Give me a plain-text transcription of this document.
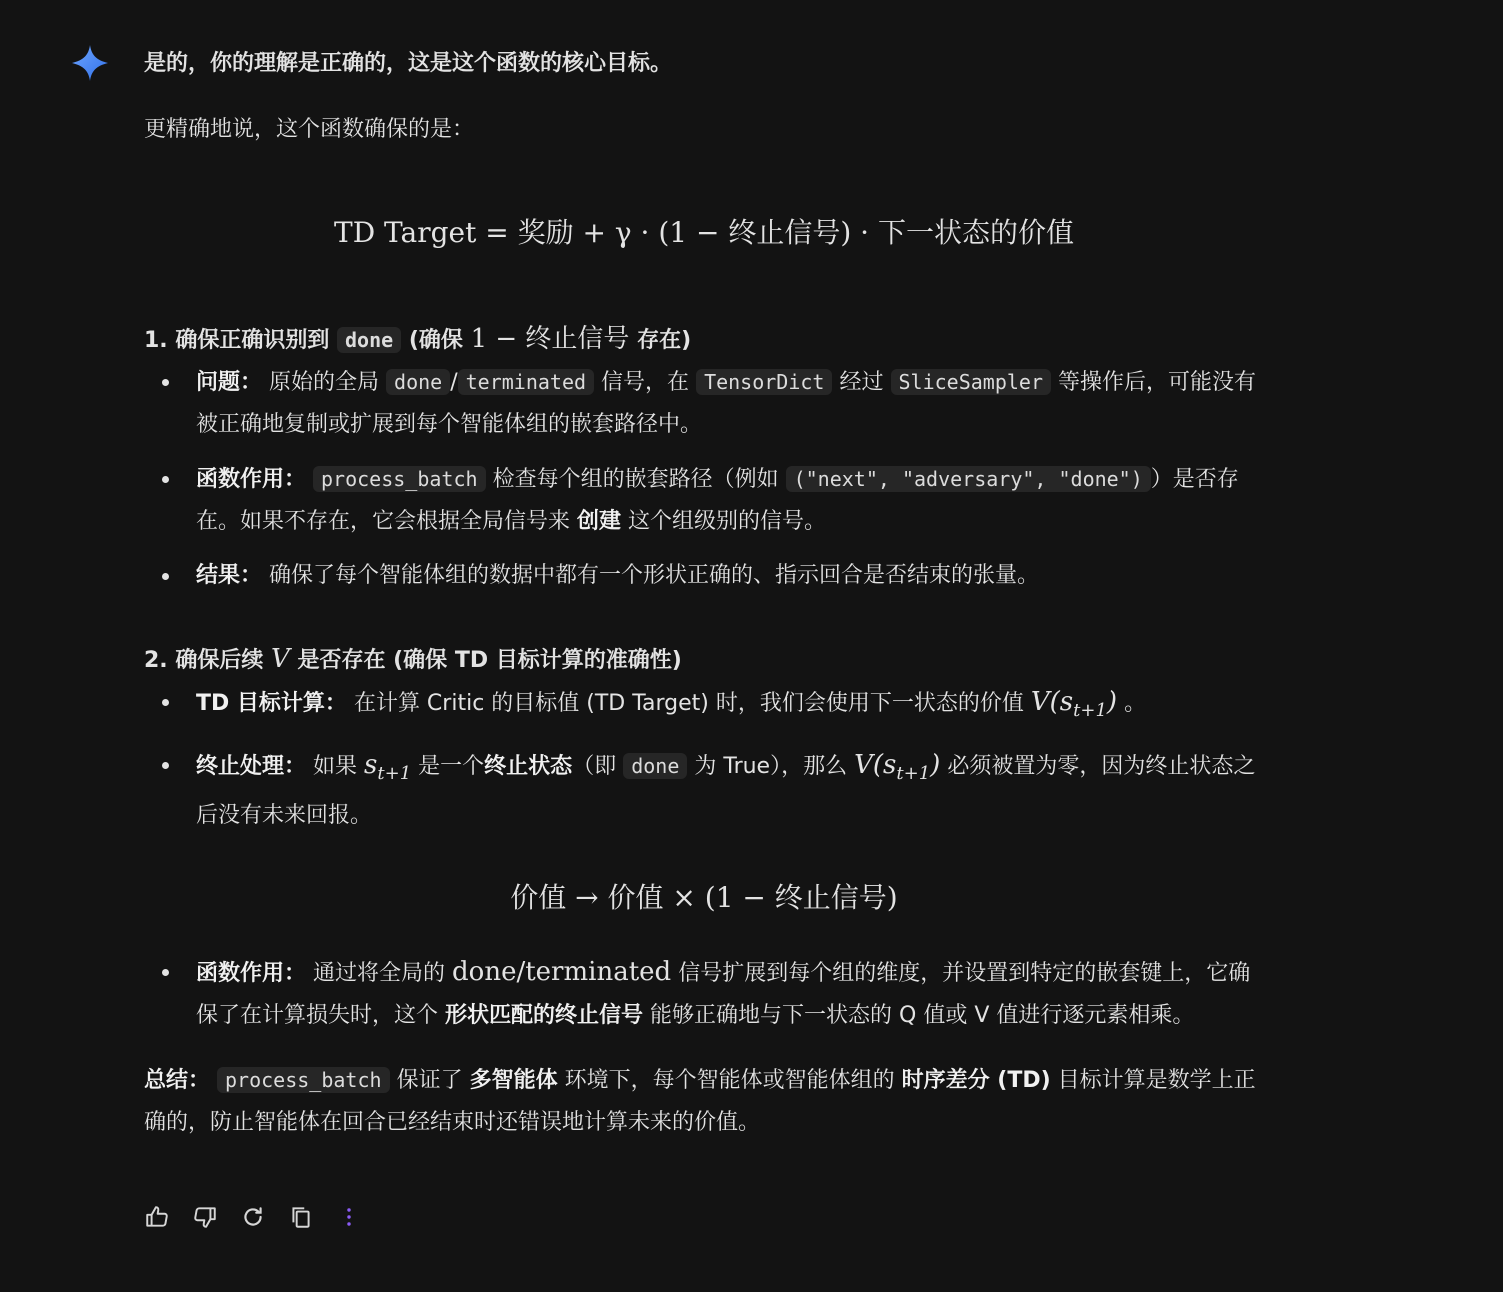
是的，你的理解是正确的，这是这个函数的核心目标。

更精确地说，这个函数确保的是：

TD Target = 奖励 + γ · (1 − 终止信号) · 下一状态的价值

1. 确保正确识别到 done (确保 1 − 终止信号 存在)

问题： 原始的全局 done / terminated 信号，在 TensorDict 经过 SliceSampler 等操作后，可能没有被正确地复制或扩展到每个智能体组的嵌套路径中。
函数作用： process_batch 检查每个组的嵌套路径（例如 ("next", "adversary", "done") ）是否存在。如果不存在，它会根据全局信号来 创建 这个组级别的信号。
结果： 确保了每个智能体组的数据中都有一个形状正确的、指示回合是否结束的张量。

2. 确保后续 V 是否存在 (确保 TD 目标计算的准确性)

TD 目标计算： 在计算 Critic 的目标值 (TD Target) 时，我们会使用下一状态的价值 $V(s_{t+1})$ 。
终止处理： 如果 $s_{t+1}$ 是一个终止状态（即 done 为 True），那么 $V(s_{t+1})$ 必须被置为零，因为终止状态之后没有未来回报。
价值 → 价值 × (1 − 终止信号)
函数作用： 通过将全局的 done/terminated 信号扩展到每个组的维度，并设置到特定的嵌套键上，它确保了在计算损失时，这个 形状匹配的终止信号 能够正确地与下一状态的 Q 值或 V 值进行逐元素相乘。

总结： process_batch 保证了 多智能体 环境下，每个智能体或智能体组的 时序差分 (TD) 目标计算是数学上正确的，防止智能体在回合已经结束时还错误地计算未来的价值。
